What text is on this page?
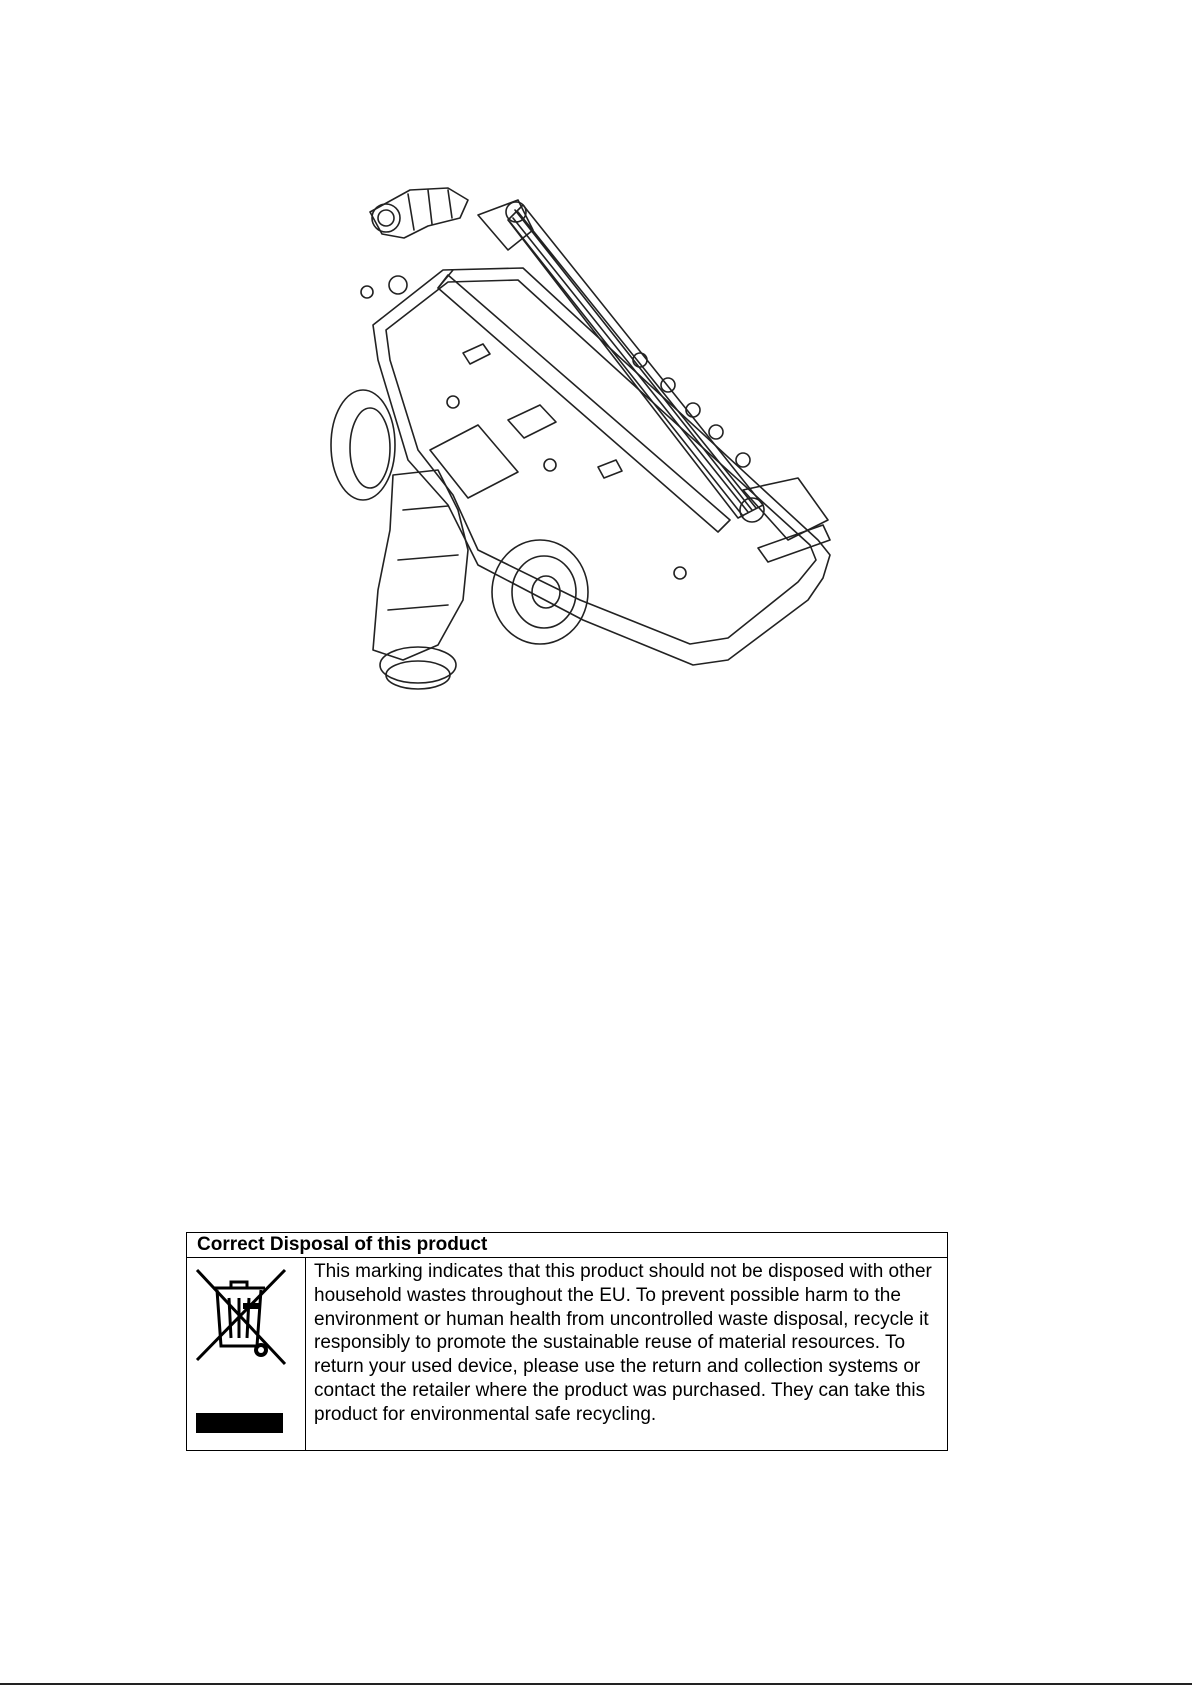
Correct Disposal of this product

	This marking indicates that this product should not be disposed with other household wastes throughout the EU. To prevent possible harm to the environment or human health from uncontrolled waste disposal, recycle it responsibly to promote the sustainable reuse of material resources. To return your used device, please use the return and collection systems or contact the retailer where the product was purchased. They can take this product for environmental safe recycling.
